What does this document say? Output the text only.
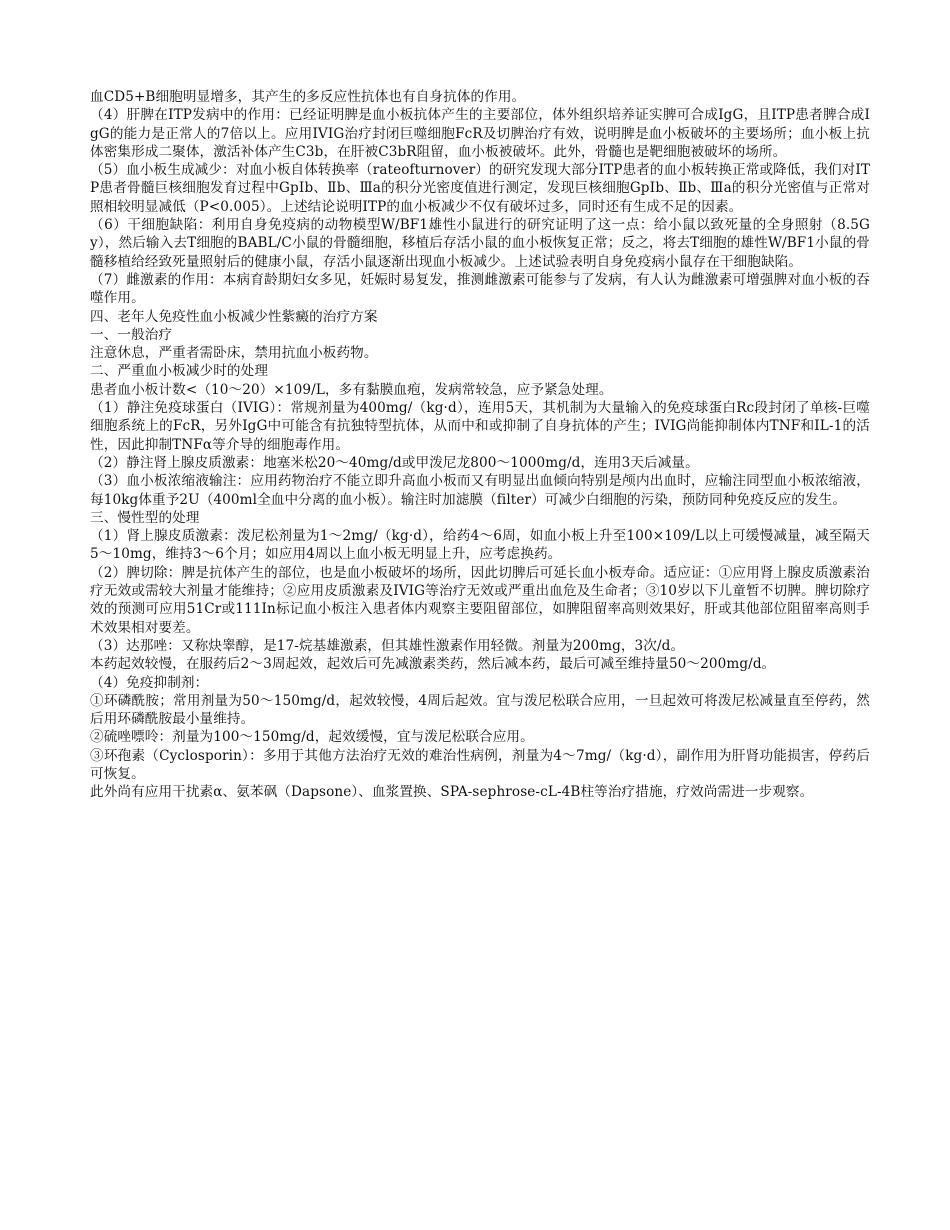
血CD5+B细胞明显增多，其产生的多反应性抗体也有自身抗体的作用。

（4）肝脾在ITP发病中的作用：已经证明脾是血小板抗体产生的主要部位，体外组织培养证实脾可合成IgG，且ITP患者脾合成IgG的能力是正常人的7倍以上。应用IVIG治疗封闭巨噬细胞FcR及切脾治疗有效，说明脾是血小板破坏的主要场所；血小板上抗体密集形成二聚体，激活补体产生C3b，在肝被C3bR阻留，血小板被破坏。此外，骨髓也是靶细胞被破坏的场所。

（5）血小板生成减少：对血小板自体转换率（rateofturnover）的研究发现大部分ITP患者的血小板转换正常或降低，我们对ITP患者骨髓巨核细胞发育过程中GpⅠb、Ⅱb、Ⅲa的积分光密度值进行测定，发现巨核细胞GpⅠb、Ⅱb、Ⅲa的积分光密值与正常对照相较明显减低（P<0.005）。上述结论说明ITP的血小板减少不仅有破坏过多，同时还有生成不足的因素。

（6）干细胞缺陷：利用自身免疫病的动物模型W/BF1雄性小鼠进行的研究证明了这一点：给小鼠以致死量的全身照射（8.5Gy），然后输入去T细胞的BABL/C小鼠的骨髓细胞，移植后存活小鼠的血小板恢复正常；反之，将去T细胞的雄性W/BF1小鼠的骨髓移植给经致死量照射后的健康小鼠，存活小鼠逐渐出现血小板减少。上述试验表明自身免疫病小鼠存在干细胞缺陷。

（7）雌激素的作用：本病育龄期妇女多见，妊娠时易复发，推测雌激素可能参与了发病，有人认为雌激素可增强脾对血小板的吞噬作用。

四、老年人免疫性血小板减少性紫癜的治疗方案

一、一般治疗

注意休息，严重者需卧床，禁用抗血小板药物。

二、严重血小板减少时的处理

患者血小板计数<（10～20）×109/L，多有黏膜血疱，发病常较急，应予紧急处理。

（1）静注免疫球蛋白（IVIG）：常规剂量为400mg/（kg·d），连用5天，其机制为大量输入的免疫球蛋白Rc段封闭了单核-巨噬细胞系统上的FcR，另外IgG中可能含有抗独特型抗体，从而中和或抑制了自身抗体的产生；IVIG尚能抑制体内TNF和IL-1的活性，因此抑制TNFα等介导的细胞毒作用。

（2）静注肾上腺皮质激素：地塞米松20～40mg/d或甲泼尼龙800～1000mg/d，连用3天后减量。

（3）血小板浓缩液输注：应用药物治疗不能立即升高血小板而又有明显出血倾向特别是颅内出血时，应输注同型血小板浓缩液，每10kg体重予2U（400ml全血中分离的血小板）。输注时加滤膜（filter）可减少白细胞的污染，预防同种免疫反应的发生。

三、慢性型的处理

（1）肾上腺皮质激素：泼尼松剂量为1～2mg/（kg·d），给药4～6周，如血小板上升至100×109/L以上可缓慢减量，减至隔天5～10mg，维持3～6个月；如应用4周以上血小板无明显上升，应考虑换药。

（2）脾切除：脾是抗体产生的部位，也是血小板破坏的场所，因此切脾后可延长血小板寿命。适应证：①应用肾上腺皮质激素治疗无效或需较大剂量才能维持；②应用皮质激素及IVIG等治疗无效或严重出血危及生命者；③10岁以下儿童暂不切脾。脾切除疗效的预测可应用51Cr或111In标记血小板注入患者体内观察主要阻留部位，如脾阻留率高则效果好，肝或其他部位阻留率高则手术效果相对要差。

（3）达那唑：又称炔睾醇，是17-烷基雄激素，但其雄性激素作用轻微。剂量为200mg，3次/d。

本药起效较慢，在服药后2～3周起效，起效后可先减激素类药，然后减本药，最后可减至维持量50～200mg/d。

（4）免疫抑制剂：

①环磷酰胺；常用剂量为50～150mg/d，起效较慢，4周后起效。宜与泼尼松联合应用，一旦起效可将泼尼松减量直至停药，然后用环磷酰胺最小量维持。

②硫唑嘌呤：剂量为100～150mg/d，起效缓慢，宜与泼尼松联合应用。

③环孢素（Cyclosporin）：多用于其他方法治疗无效的难治性病例，剂量为4～7mg/（kg·d），副作用为肝肾功能损害，停药后可恢复。

此外尚有应用干扰素α、氨苯砜（Dapsone）、血浆置换、SPA-sephrose-cL-4B柱等治疗措施，疗效尚需进一步观察。
